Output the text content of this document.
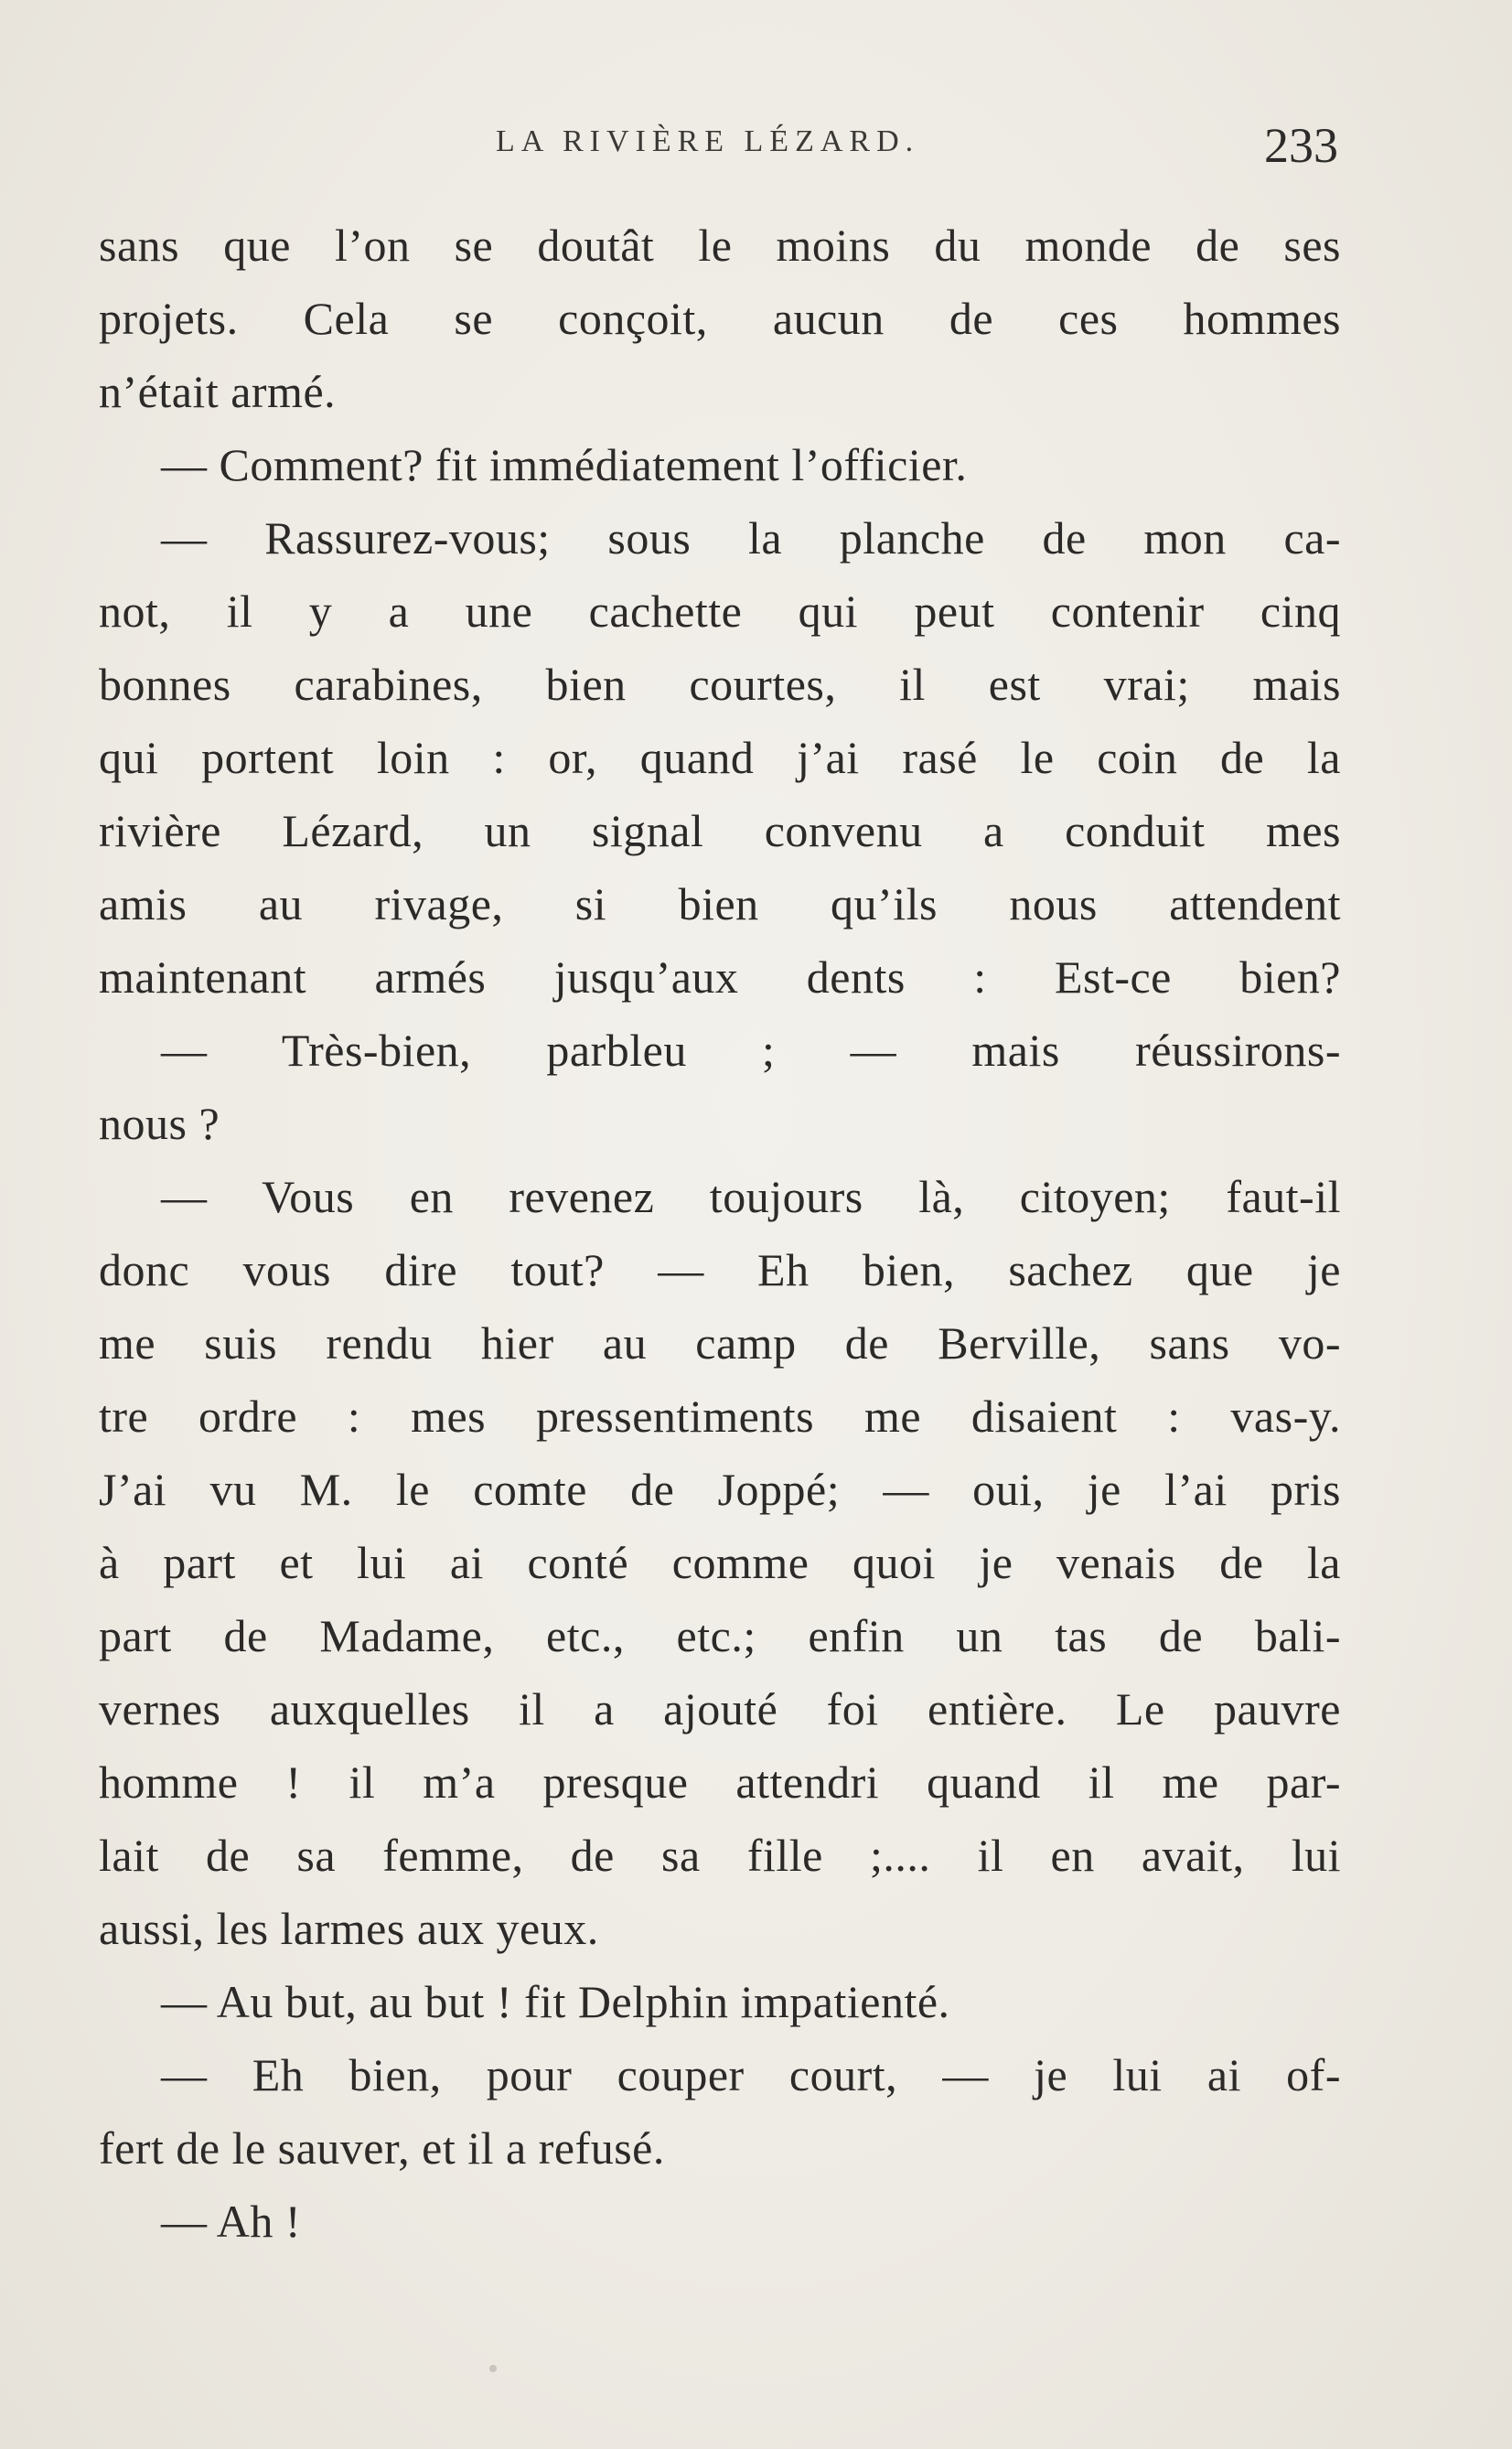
LA RIVIÈRE LÉZARD.	233
sans que l’on se doutât le moins du monde de ses
projets. Cela se conçoit, aucun de ces hommes
n’était armé.
— Comment? fit immédiatement l’officier.
— Rassurez-vous; sous la planche de mon ca-
not, il y a une cachette qui peut contenir cinq
bonnes carabines, bien courtes, il est vrai; mais
qui portent loin : or, quand j’ai rasé le coin de la
rivière Lézard, un signal convenu a conduit mes
amis au rivage, si bien qu’ils nous attendent
maintenant armés jusqu’aux dents : Est-ce bien?
— Très-bien, parbleu ; — mais réussirons-
nous ?
— Vous en revenez toujours là, citoyen; faut-il
donc vous dire tout? — Eh bien, sachez que je
me suis rendu hier au camp de Berville, sans vo-
tre ordre : mes pressentiments me disaient : vas-y.
J’ai vu M. le comte de Joppé; — oui, je l’ai pris
à part et lui ai conté comme quoi je venais de la
part de Madame, etc., etc.; enfin un tas de bali-
vernes auxquelles il a ajouté foi entière. Le pauvre
homme ! il m’a presque attendri quand il me par-
lait de sa femme, de sa fille ;.... il en avait, lui
aussi, les larmes aux yeux.
— Au but, au but ! fit Delphin impatienté.
— Eh bien, pour couper court, — je lui ai of-
fert de le sauver, et il a refusé.
— Ah !
